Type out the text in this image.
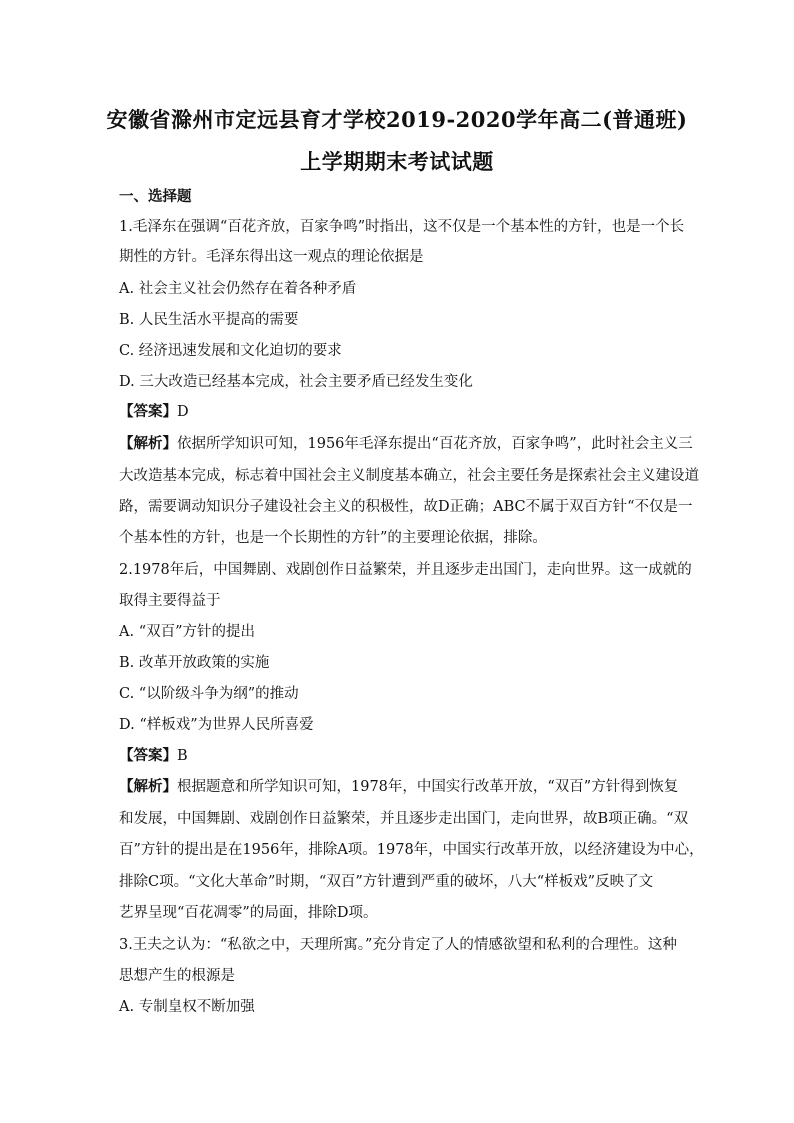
安徽省滁州市定远县育才学校2019-2020学年高二(普通班)
上学期期末考试试题
一、选择题
1.毛泽东在强调“百花齐放，百家争鸣”时指出，这不仅是一个基本性的方针，也是一个长
期性的方针。毛泽东得出这一观点的理论依据是
A. 社会主义社会仍然存在着各种矛盾
B. 人民生活水平提高的需要
C. 经济迅速发展和文化迫切的要求
D. 三大改造已经基本完成，社会主要矛盾已经发生变化
【答案】D
【解析】依据所学知识可知，1956年毛泽东提出“百花齐放，百家争鸣”，此时社会主义三
大改造基本完成，标志着中国社会主义制度基本确立，社会主要任务是探索社会主义建设道
路，需要调动知识分子建设社会主义的积极性，故D正确；ABC不属于双百方针“不仅是一
个基本性的方针，也是一个长期性的方针”的主要理论依据，排除。
2.1978年后，中国舞剧、戏剧创作日益繁荣，并且逐步走出国门，走向世界。这一成就的
取得主要得益于
A. “双百”方针的提出
B. 改革开放政策的实施
C. “以阶级斗争为纲”的推动
D. “样板戏”为世界人民所喜爱
【答案】B
【解析】根据题意和所学知识可知，1978年，中国实行改革开放，“双百”方针得到恢复
和发展，中国舞剧、戏剧创作日益繁荣，并且逐步走出国门，走向世界，故B项正确。“双
百”方针的提出是在1956年，排除A项。1978年，中国实行改革开放，以经济建设为中心，
排除C项。“文化大革命”时期，“双百”方针遭到严重的破坏，八大“样板戏”反映了文
艺界呈现“百花凋零”的局面，排除D项。
3.王夫之认为：“私欲之中，天理所寓。”充分肯定了人的情感欲望和私利的合理性。这种
思想产生的根源是
A. 专制皇权不断加强
